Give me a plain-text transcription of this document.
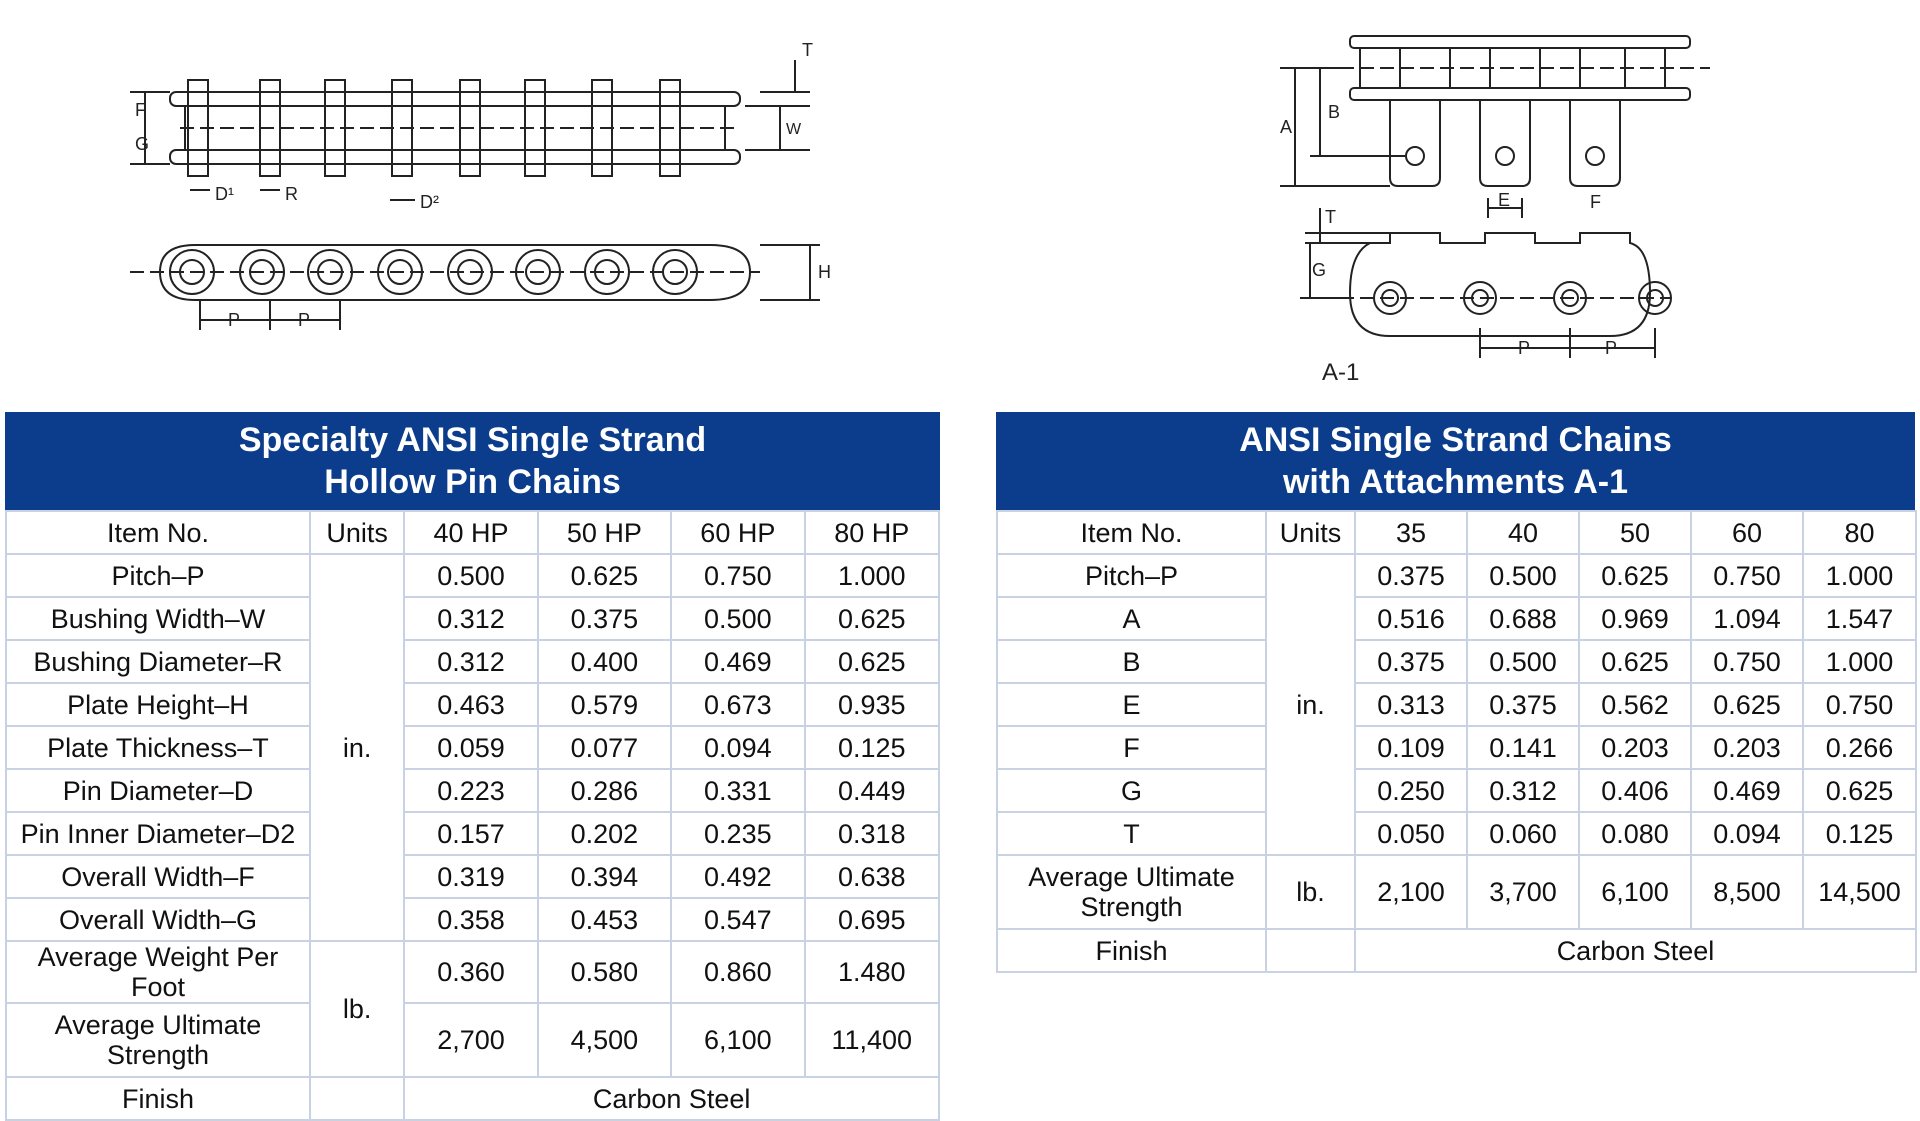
F
G
T
W
D¹	R	D²
H
P	P
A
B
E	F
T
G
P	P
A-1
Specialty ANSI Single Strand
Hollow Pin Chains
Item No.	Units	40 HP	50 HP	60 HP	80 HP
Pitch–P	in.	0.500	0.625	0.750	1.000
Bushing Width–W		0.312	0.375	0.500	0.625
Bushing Diameter–R		0.312	0.400	0.469	0.625
Plate Height–H		0.463	0.579	0.673	0.935
Plate Thickness–T		0.059	0.077	0.094	0.125
Pin Diameter–D		0.223	0.286	0.331	0.449
Pin Inner Diameter–D2		0.157	0.202	0.235	0.318
Overall Width–F		0.319	0.394	0.492	0.638
Overall Width–G		0.358	0.453	0.547	0.695
Average Weight Per Foot	lb.	0.360	0.580	0.860	1.480

Average Ultimate
Strength		2,700	4,500	6,100	11,400
Finish		Carbon Steel			
ANSI Single Strand Chains
with Attachments A-1
Item No.	Units	35	40	50	60	80
Pitch–P	in.	0.375	0.500	0.625	0.750	1.000
A		0.516	0.688	0.969	1.094	1.547
B		0.375	0.500	0.625	0.750	1.000
E		0.313	0.375	0.562	0.625	0.750
F		0.109	0.141	0.203	0.203	0.266
G		0.250	0.312	0.406	0.469	0.625
T		0.050	0.060	0.080	0.094	0.125

Average Ultimate
Strength	lb.	2,100	3,700	6,100	8,500	14,500
Finish		Carbon Steel				
